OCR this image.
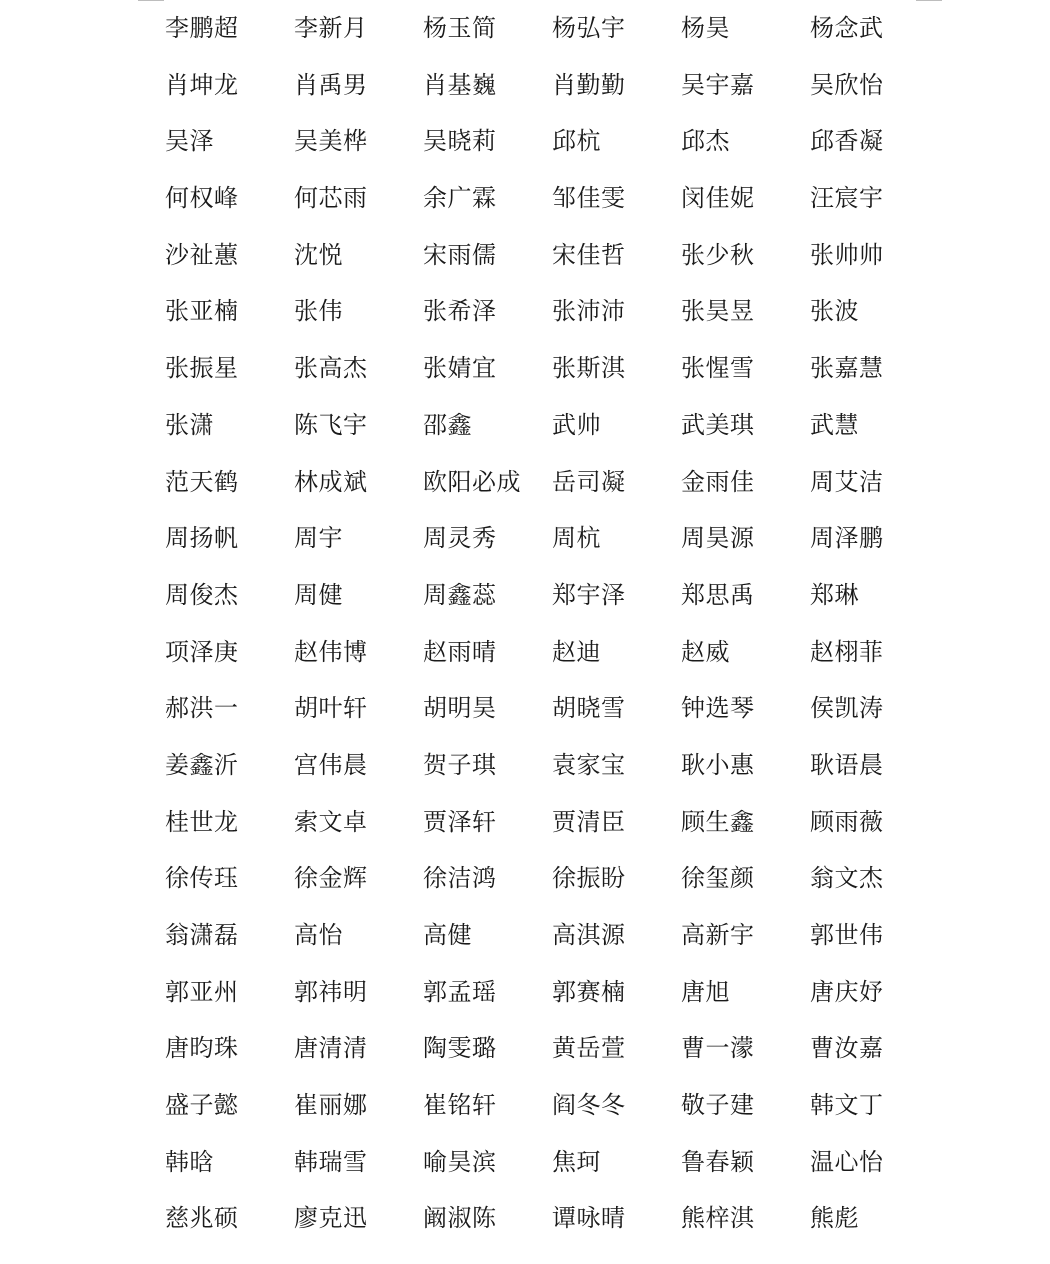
李鹏超	李新月	杨玉简	杨弘宇	杨昊	杨念武
肖坤龙	肖禹男	肖基巍	肖勤勤	吴宇嘉	吴欣怡
吴泽	吴美桦	吴晓莉	邱杭	邱杰	邱香凝
何权峰	何芯雨	余广霖	邹佳雯	闵佳妮	汪宸宇
沙祉蕙	沈悦	宋雨儒	宋佳哲	张少秋	张帅帅
张亚楠	张伟	张希泽	张沛沛	张昊昱	张波
张振星	张高杰	张婧宜	张斯淇	张惺雪	张嘉慧
张潇	陈飞宇	邵鑫	武帅	武美琪	武慧
范天鹤	林成斌	欧阳必成	岳司凝	金雨佳	周艾洁
周扬帆	周宇	周灵秀	周杭	周昊源	周泽鹏
周俊杰	周健	周鑫蕊	郑宇泽	郑思禹	郑琳
项泽庚	赵伟博	赵雨晴	赵迪	赵威	赵栩菲
郝洪一	胡叶轩	胡明昊	胡晓雪	钟选琴	侯凯涛
姜鑫沂	宫伟晨	贺子琪	袁家宝	耿小惠	耿语晨
桂世龙	索文卓	贾泽轩	贾清臣	顾生鑫	顾雨薇
徐传珏	徐金辉	徐洁鸿	徐振盼	徐玺颜	翁文杰
翁潇磊	高怡	高健	高淇源	高新宇	郭世伟
郭亚州	郭祎明	郭孟瑶	郭赛楠	唐旭	唐庆妤
唐昀珠	唐清清	陶雯璐	黄岳萱	曹一濛	曹汝嘉
盛子懿	崔丽娜	崔铭轩	阎冬冬	敬子建	韩文丁
韩晗	韩瑞雪	喻昊滨	焦珂	鲁春颖	温心怡
慈兆硕	廖克迅	阚淑陈	谭咏晴	熊梓淇	熊彪
